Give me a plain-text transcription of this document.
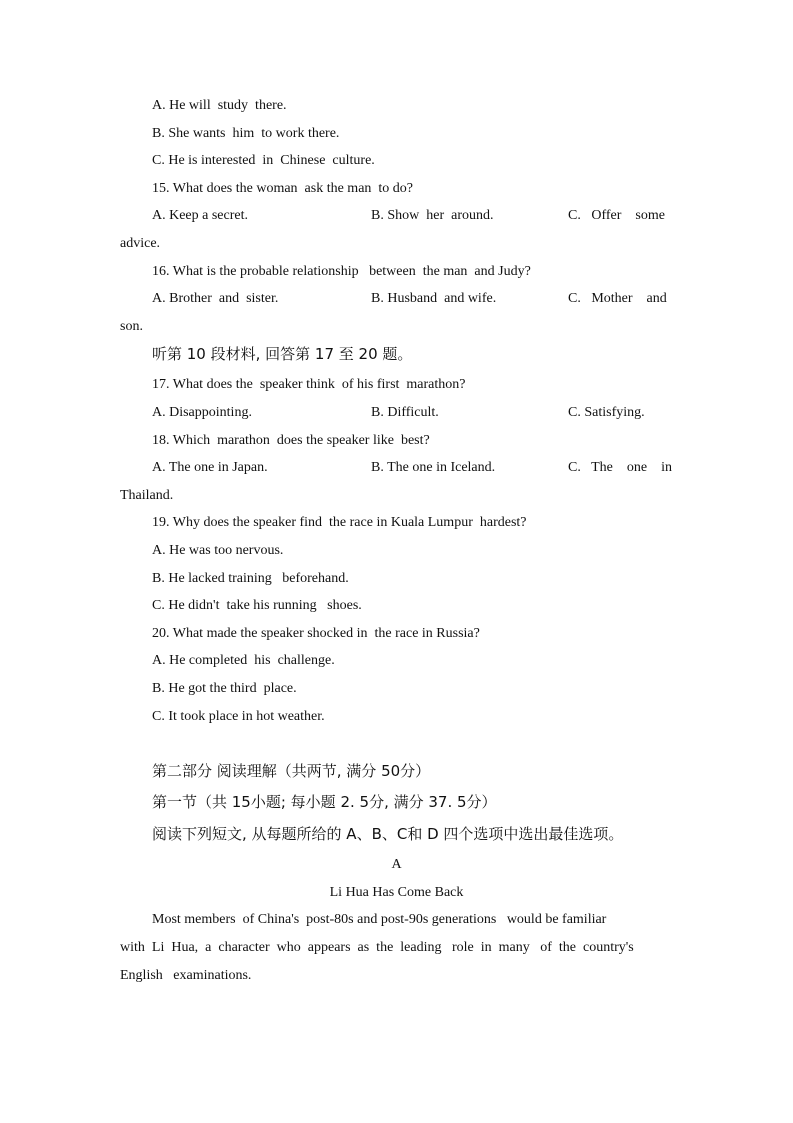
A. He will  study  there.
B. She wants  him  to work there.
C. He is interested  in  Chinese  culture.
15. What does the woman  ask the man  to do?
A. Keep a secret.	B. Show  her  around.	C.   Offer    some
advice.
16. What is the probable relationship   between  the man  and Judy?
A. Brother  and  sister.	B. Husband  and wife.	C.   Mother    and
son.
听第 10 段材料, 回答第 17 至 20 题。
17. What does the  speaker think  of his first  marathon?
A. Disappointing.	B. Difficult.	C. Satisfying.
18. Which  marathon  does the speaker like  best?
A. The one in Japan.	B. The one in Iceland.	C.   The    one    in
Thailand.
19. Why does the speaker find  the race in Kuala Lumpur  hardest?
A. He was too nervous.
B. He lacked training   beforehand.
C. He didn't  take his running   shoes.
20. What made the speaker shocked in  the race in Russia?
A. He completed  his  challenge.
B. He got the third  place.
C. It took place in hot weather.
第二部分 阅读理解（共两节, 满分 50分）
第一节（共 15小题; 每小题 2. 5分, 满分 37. 5分）
阅读下列短文, 从每题所给的 A、B、C和 D 四个选项中选出最佳选项。
A
Li Hua Has Come Back
Most members  of China's  post-80s and post-90s generations   would be familiar
with  Li  Hua,  a  character  who  appears  as  the  leading   role  in  many   of  the  country's
English   examinations.
